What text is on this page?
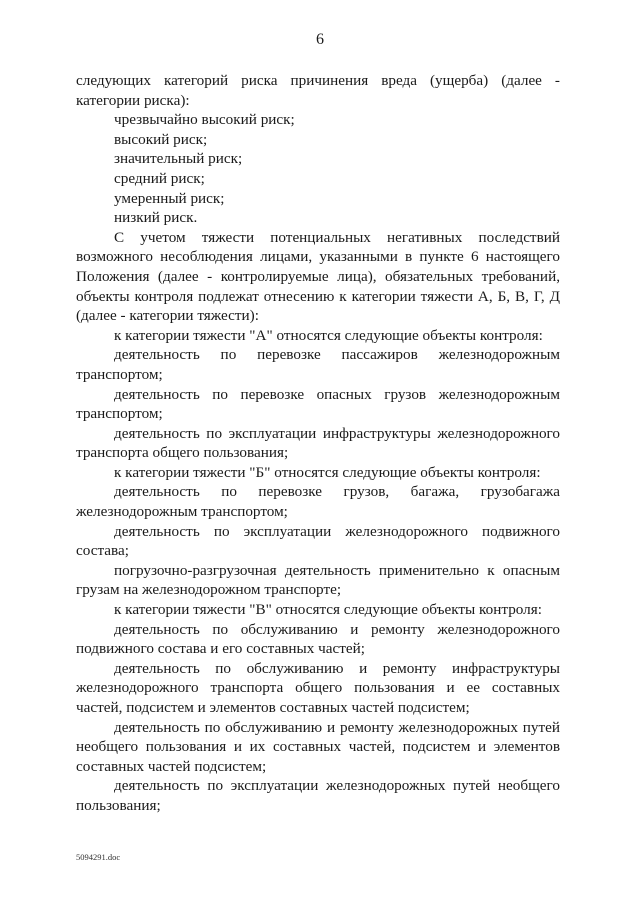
6

следующих категорий риска причинения вреда (ущерба) (далее - категории риска):

чрезвычайно высокий риск;

высокий риск;

значительный риск;

средний риск;

умеренный риск;

низкий риск.

С учетом тяжести потенциальных негативных последствий возможного несоблюдения лицами, указанными в пункте 6 настоящего Положения (далее - контролируемые лица), обязательных требований, объекты контроля подлежат отнесению к категории тяжести А, Б, В, Г, Д (далее - категории тяжести):

к категории тяжести "А" относятся следующие объекты контроля:

деятельность по перевозке пассажиров железнодорожным транспортом;

деятельность по перевозке опасных грузов железнодорожным транспортом;

деятельность по эксплуатации инфраструктуры железнодорожного транспорта общего пользования;

к категории тяжести "Б" относятся следующие объекты контроля:

деятельность по перевозке грузов, багажа, грузобагажа железнодорожным транспортом;

деятельность по эксплуатации железнодорожного подвижного состава;

погрузочно-разгрузочная деятельность применительно к опасным грузам на железнодорожном транспорте;

к категории тяжести "В" относятся следующие объекты контроля:

деятельность по обслуживанию и ремонту железнодорожного подвижного состава и его составных частей;

деятельность по обслуживанию и ремонту инфраструктуры железнодорожного транспорта общего пользования и ее составных частей, подсистем и элементов составных частей подсистем;

деятельность по обслуживанию и ремонту железнодорожных путей необщего пользования и их составных частей, подсистем и элементов составных частей подсистем;

деятельность по эксплуатации железнодорожных путей необщего пользования;

5094291.doc
